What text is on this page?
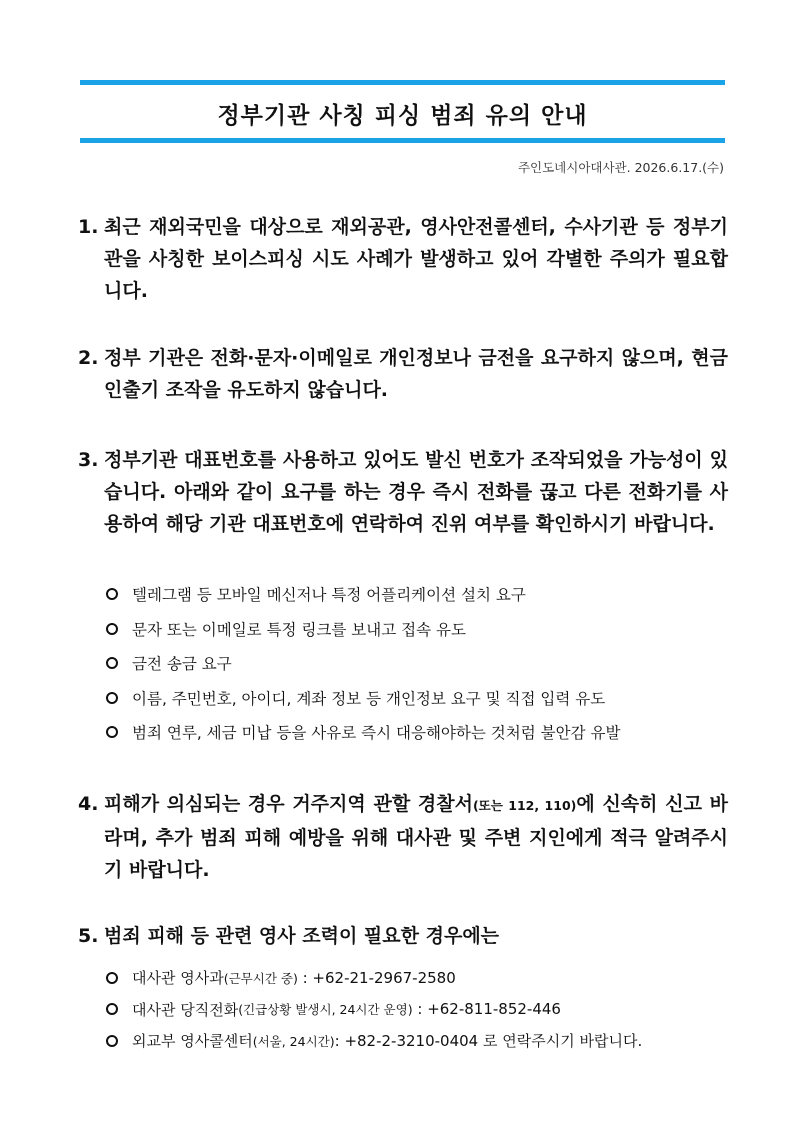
정부기관 사칭 피싱 범죄 유의 안내
주인도네시아대사관. 2026.6.17.(수)
1. 최근 재외국민을 대상으로 재외공관, 영사안전콜센터, 수사기관 등 정부기관을 사칭한 보이스피싱 시도 사례가 발생하고 있어 각별한 주의가 필요합니다.
2. 정부 기관은 전화·문자·이메일로 개인정보나 금전을 요구하지 않으며, 현금인출기 조작을 유도하지 않습니다.
3. 정부기관 대표번호를 사용하고 있어도 발신 번호가 조작되었을 가능성이 있습니다. 아래와 같이 요구를 하는 경우 즉시 전화를 끊고 다른 전화기를 사용하여 해당 기관 대표번호에 연락하여 진위 여부를 확인하시기 바랍니다.
텔레그램 등 모바일 메신저나 특정 어플리케이션 설치 요구
문자 또는 이메일로 특정 링크를 보내고 접속 유도
금전 송금 요구
이름, 주민번호, 아이디, 계좌 정보 등 개인정보 요구 및 직접 입력 유도
범죄 연루, 세금 미납 등을 사유로 즉시 대응해야하는 것처럼 불안감 유발
4. 피해가 의심되는 경우 거주지역 관할 경찰서(또는 112, 110)에 신속히 신고 바라며, 추가 범죄 피해 예방을 위해 대사관 및 주변 지인에게 적극 알려주시기 바랍니다.
5. 범죄 피해 등 관련 영사 조력이 필요한 경우에는
대사관 영사과 (근무시간 중) : +62-21-2967-2580
대사관 당직전화 (긴급상황 발생시, 24시간 운영) : +62-811-852-446
외교부 영사콜센터 (서울, 24시간) : +82-2-3210-0404 로 연락주시기 바랍니다.
